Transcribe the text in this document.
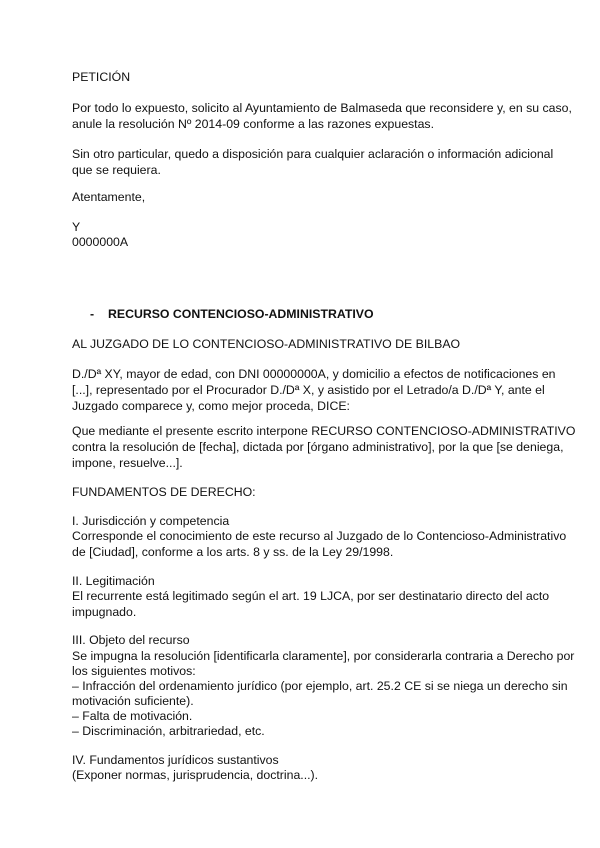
PETICIÓN
Por todo lo expuesto, solicito al Ayuntamiento de Balmaseda que reconsidere y, en su caso,
anule la resolución Nº 2014-09 conforme a las razones expuestas.
Sin otro particular, quedo a disposición para cualquier aclaración o información adicional
que se requiera.
Atentamente,
Y
0000000A
- RECURSO CONTENCIOSO-ADMINISTRATIVO
AL JUZGADO DE LO CONTENCIOSO-ADMINISTRATIVO DE BILBAO
D./Dª XY, mayor de edad, con DNI 00000000A, y domicilio a efectos de notificaciones en
[...], representado por el Procurador D./Dª X, y asistido por el Letrado/a D./Dª Y, ante el
Juzgado comparece y, como mejor proceda, DICE:
Que mediante el presente escrito interpone RECURSO CONTENCIOSO-ADMINISTRATIVO
contra la resolución de [fecha], dictada por [órgano administrativo], por la que [se deniega,
impone, resuelve...].
FUNDAMENTOS DE DERECHO:
I. Jurisdicción y competencia
Corresponde el conocimiento de este recurso al Juzgado de lo Contencioso-Administrativo
de [Ciudad], conforme a los arts. 8 y ss. de la Ley 29/1998.
II. Legitimación
El recurrente está legitimado según el art. 19 LJCA, por ser destinatario directo del acto
impugnado.
III. Objeto del recurso
Se impugna la resolución [identificarla claramente], por considerarla contraria a Derecho por
los siguientes motivos:
– Infracción del ordenamiento jurídico (por ejemplo, art. 25.2 CE si se niega un derecho sin
motivación suficiente).
– Falta de motivación.
– Discriminación, arbitrariedad, etc.
IV. Fundamentos jurídicos sustantivos
(Exponer normas, jurisprudencia, doctrina...).
